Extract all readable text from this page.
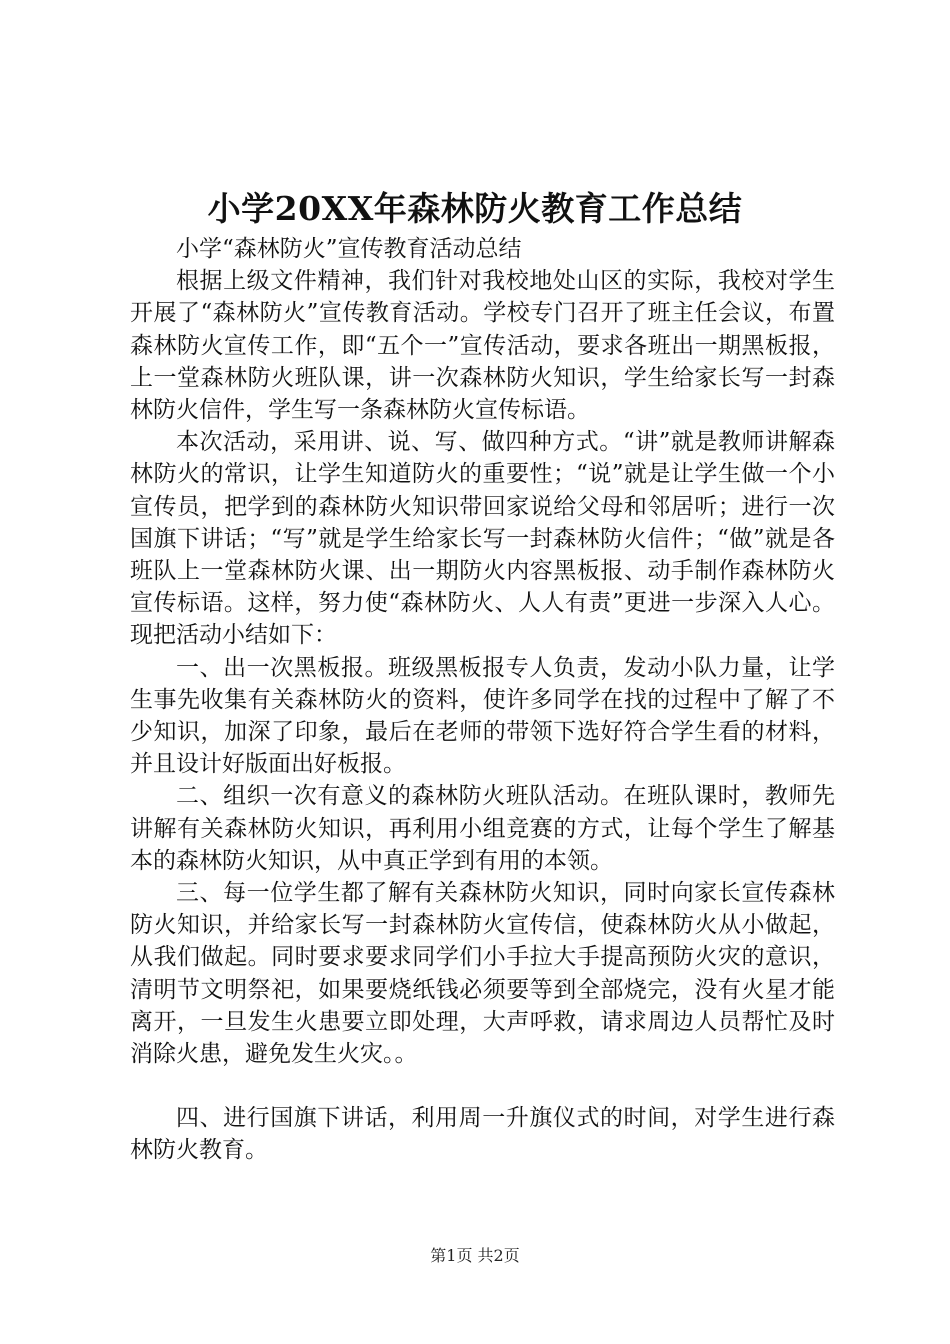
小学20XX年森林防火教育工作总结

小学“森林防火”宣传教育活动总结

根据上级文件精神，我们针对我校地处山区的实际，我校对学生开展了“森林防火”宣传教育活动。学校专门召开了班主任会议，布置森林防火宣传工作，即“五个一”宣传活动，要求各班出一期黑板报，上一堂森林防火班队课，讲一次森林防火知识，学生给家长写一封森林防火信件，学生写一条森林防火宣传标语。

本次活动，采用讲、说、写、做四种方式。“讲”就是教师讲解森林防火的常识，让学生知道防火的重要性；“说”就是让学生做一个小宣传员，把学到的森林防火知识带回家说给父母和邻居听；进行一次国旗下讲话；“写”就是学生给家长写一封森林防火信件；“做”就是各班队上一堂森林防火课、出一期防火内容黑板报、动手制作森林防火宣传标语。这样，努力使“森林防火、人人有责”更进一步深入人心。现把活动小结如下：

一、出一次黑板报。班级黑板报专人负责，发动小队力量，让学生事先收集有关森林防火的资料，使许多同学在找的过程中了解了不少知识，加深了印象，最后在老师的带领下选好符合学生看的材料，并且设计好版面出好板报。

二、组织一次有意义的森林防火班队活动。在班队课时，教师先讲解有关森林防火知识，再利用小组竞赛的方式，让每个学生了解基本的森林防火知识，从中真正学到有用的本领。

三、每一位学生都了解有关森林防火知识，同时向家长宣传森林防火知识，并给家长写一封森林防火宣传信，使森林防火从小做起，从我们做起。同时要求要求同学们小手拉大手提高预防火灾的意识，清明节文明祭祀，如果要烧纸钱必须要等到全部烧完，没有火星才能离开，一旦发生火患要立即处理，大声呼救，请求周边人员帮忙及时消除火患，避免发生火灾。。

四、进行国旗下讲话，利用周一升旗仪式的时间，对学生进行森林防火教育。

第1页 共2页
